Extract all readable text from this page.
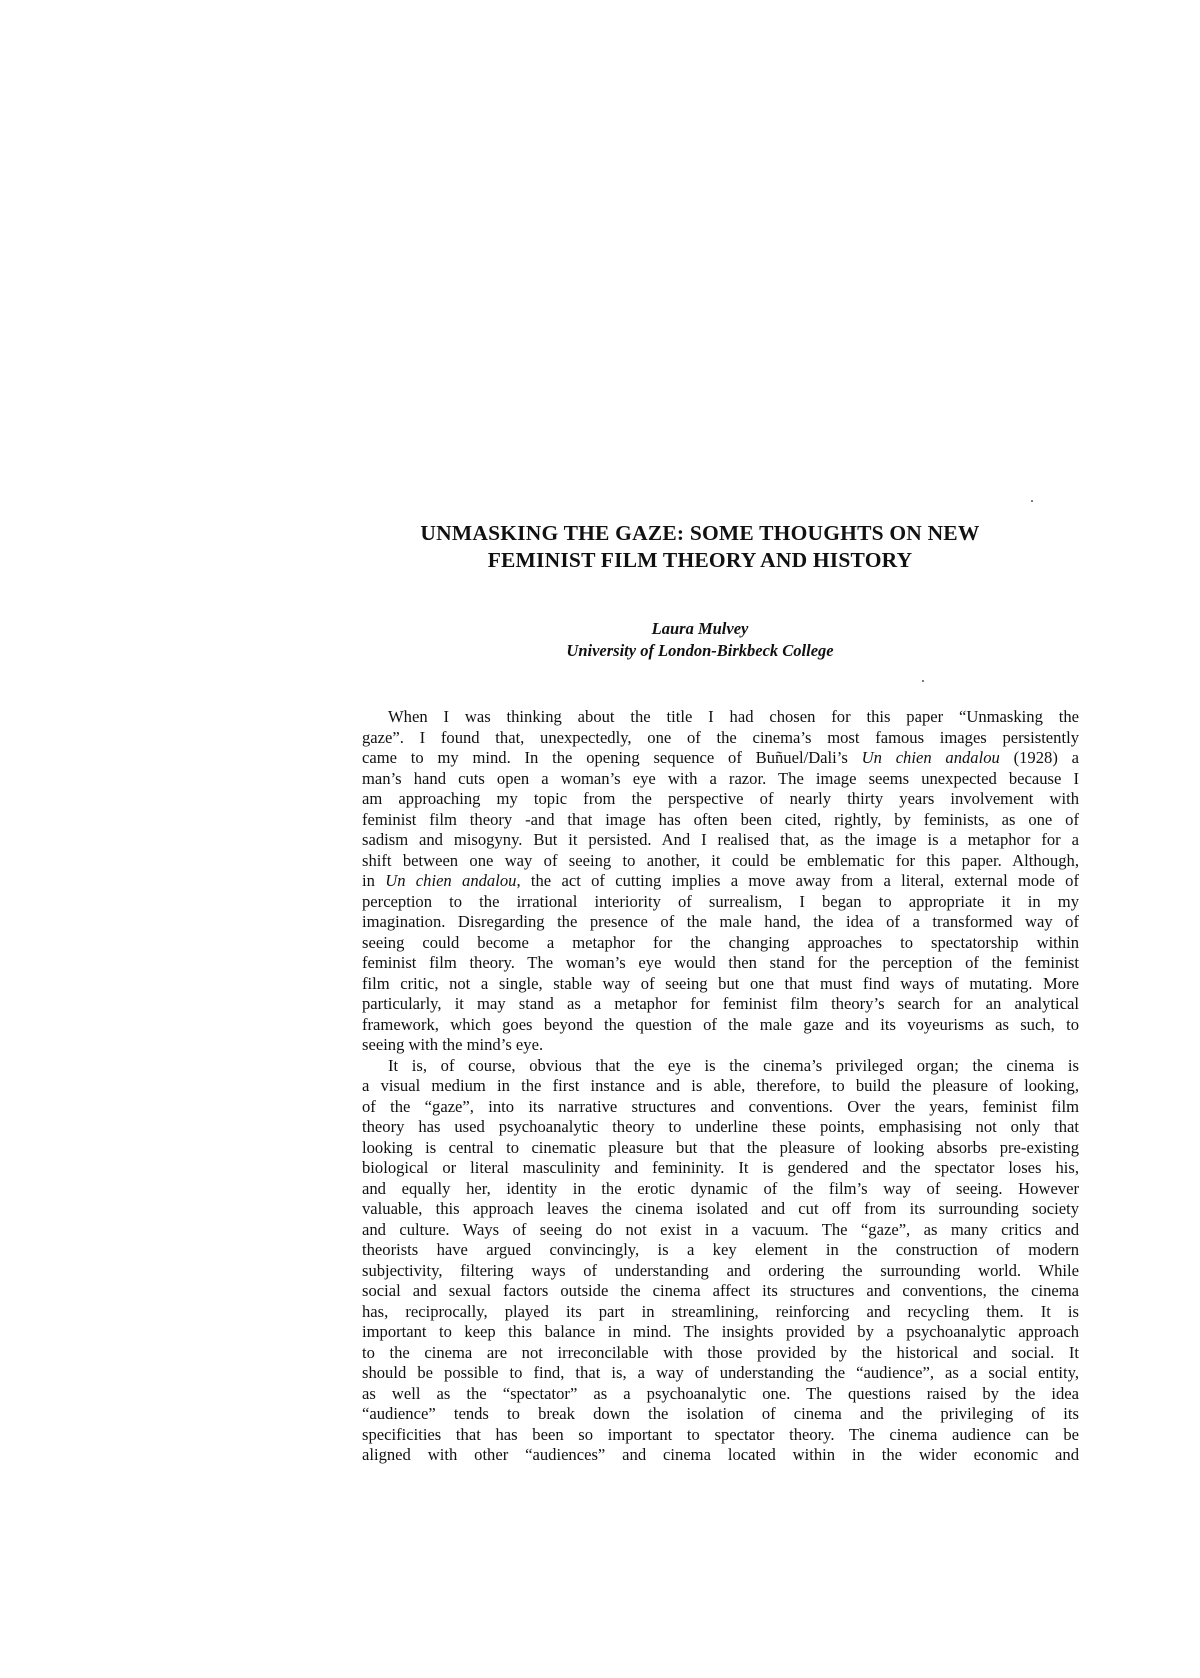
UNMASKING THE GAZE: SOME THOUGHTS ON NEW
FEMINIST FILM THEORY AND HISTORY
Laura Mulvey
University of London-Birkbeck College
When I was thinking about the title I had chosen for this paper “Unmasking the
gaze”. I found that, unexpectedly, one of the cinema’s most famous images persistently
came to my mind. In the opening sequence of Buñuel/Dali’s Un chien andalou (1928) a
man’s hand cuts open a woman’s eye with a razor. The image seems unexpected because I
am approaching my topic from the perspective of nearly thirty years involvement with
feminist film theory -and that image has often been cited, rightly, by feminists, as one of
sadism and misogyny. But it persisted. And I realised that, as the image is a metaphor for a
shift between one way of seeing to another, it could be emblematic for this paper. Although,
in Un chien andalou, the act of cutting implies a move away from a literal, external mode of
perception to the irrational interiority of surrealism, I began to appropriate it in my
imagination. Disregarding the presence of the male hand, the idea of a transformed way of
seeing could become a metaphor for the changing approaches to spectatorship within
feminist film theory. The woman’s eye would then stand for the perception of the feminist
film critic, not a single, stable way of seeing but one that must find ways of mutating. More
particularly, it may stand as a metaphor for feminist film theory’s search for an analytical
framework, which goes beyond the question of the male gaze and its voyeurisms as such, to
seeing with the mind’s eye.
It is, of course, obvious that the eye is the cinema’s privileged organ; the cinema is
a visual medium in the first instance and is able, therefore, to build the pleasure of looking,
of the “gaze”, into its narrative structures and conventions. Over the years, feminist film
theory has used psychoanalytic theory to underline these points, emphasising not only that
looking is central to cinematic pleasure but that the pleasure of looking absorbs pre-existing
biological or literal masculinity and femininity. It is gendered and the spectator loses his,
and equally her, identity in the erotic dynamic of the film’s way of seeing. However
valuable, this approach leaves the cinema isolated and cut off from its surrounding society
and culture. Ways of seeing do not exist in a vacuum. The “gaze”, as many critics and
theorists have argued convincingly, is a key element in the construction of modern
subjectivity, filtering ways of understanding and ordering the surrounding world. While
social and sexual factors outside the cinema affect its structures and conventions, the cinema
has, reciprocally, played its part in streamlining, reinforcing and recycling them. It is
important to keep this balance in mind. The insights provided by a psychoanalytic approach
to the cinema are not irreconcilable with those provided by the historical and social. It
should be possible to find, that is, a way of understanding the “audience”, as a social entity,
as well as the “spectator” as a psychoanalytic one. The questions raised by the idea
“audience” tends to break down the isolation of cinema and the privileging of its
specificities that has been so important to spectator theory. The cinema audience can be
aligned with other “audiences” and cinema located within in the wider economic and
